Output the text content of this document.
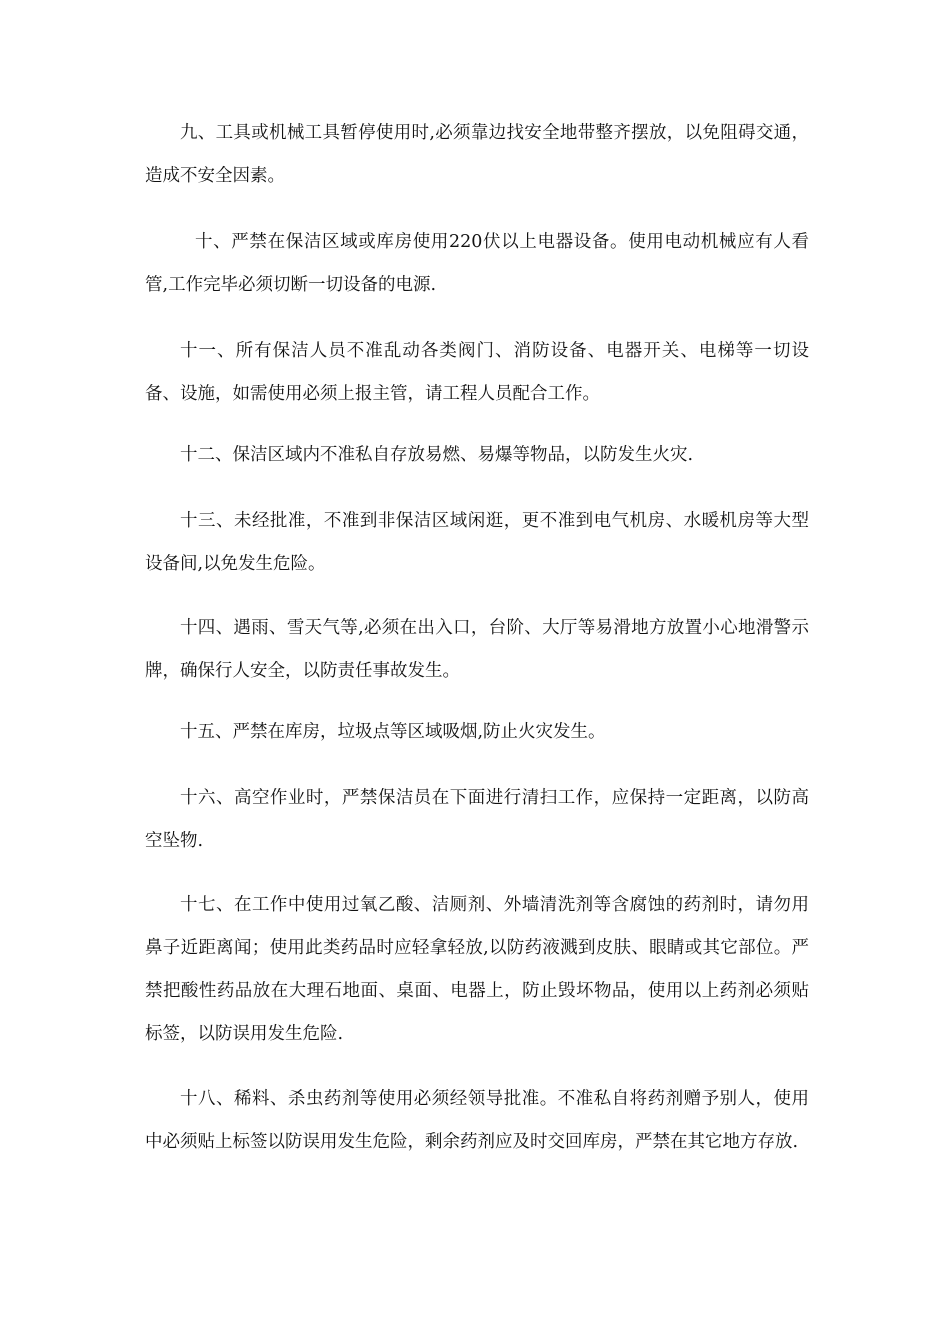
九、工具或机械工具暂停使用时,必须靠边找安全地带整齐摆放，以免阻碍交通，造成不安全因素。

十、严禁在保洁区域或库房使用220伏以上电器设备。使用电动机械应有人看管,工作完毕必须切断一切设备的电源.

十一、所有保洁人员不准乱动各类阀门、消防设备、电器开关、电梯等一切设备、设施，如需使用必须上报主管，请工程人员配合工作。

十二、保洁区域内不准私自存放易燃、易爆等物品，以防发生火灾.

十三、未经批准，不准到非保洁区域闲逛，更不准到电气机房、水暖机房等大型设备间,以免发生危险。

十四、遇雨、雪天气等,必须在出入口，台阶、大厅等易滑地方放置小心地滑警示牌，确保行人安全，以防责任事故发生。

十五、严禁在库房，垃圾点等区域吸烟,防止火灾发生。

十六、高空作业时，严禁保洁员在下面进行清扫工作，应保持一定距离，以防高空坠物.

十七、在工作中使用过氧乙酸、洁厕剂、外墙清洗剂等含腐蚀的药剂时，请勿用鼻子近距离闻；使用此类药品时应轻拿轻放,以防药液溅到皮肤、眼睛或其它部位。严禁把酸性药品放在大理石地面、桌面、电器上，防止毁坏物品，使用以上药剂必须贴标签，以防误用发生危险.

十八、稀料、杀虫药剂等使用必须经领导批准。不准私自将药剂赠予别人，使用中必须贴上标签以防误用发生危险，剩余药剂应及时交回库房，严禁在其它地方存放.
